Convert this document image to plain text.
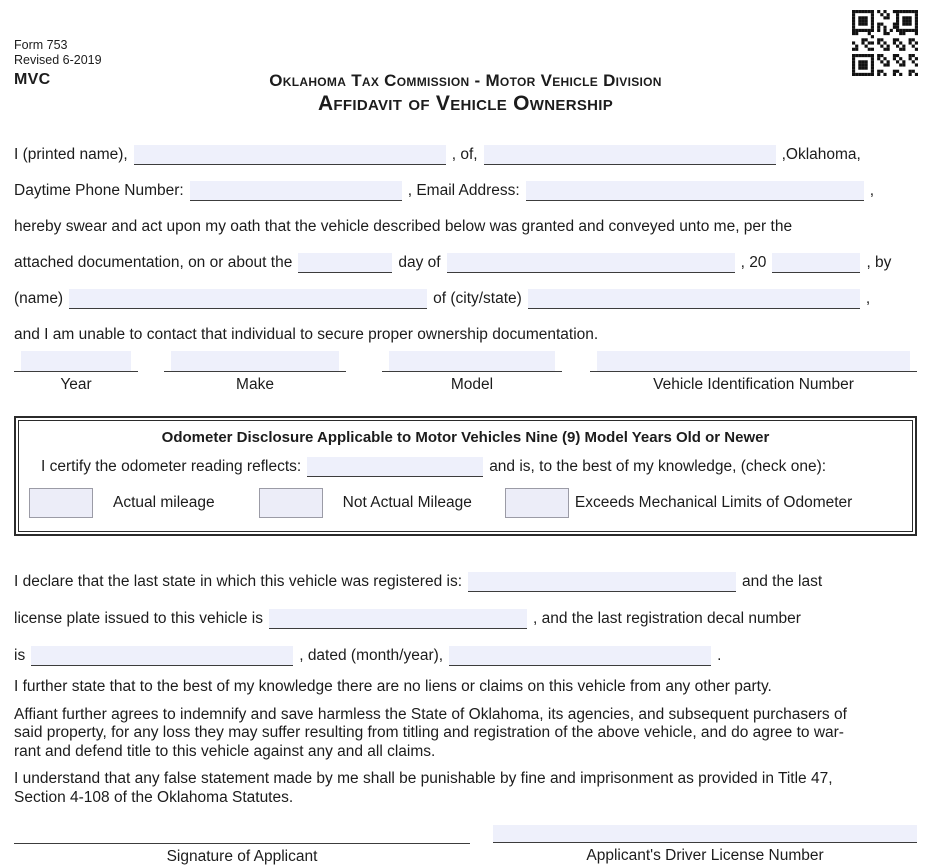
Form 753
Revised 6-2019
MVC	Oklahoma Tax Commission - Motor Vehicle Division
Affidavit of Vehicle Ownership
I (printed name),	, of,	,Oklahoma,
Daytime Phone Number:	, Email Address:	,
hereby swear and act upon my oath that the vehicle described below was granted and conveyed unto me, per the
attached documentation, on or about the	day of	, 20	, by
(name)	of (city/state)	,
and I am unable to contact that individual to secure proper ownership documentation.
Year	Make	Model	Vehicle Identification Number
Odometer Disclosure Applicable to Motor Vehicles Nine (9) Model Years Old or Newer
I certify the odometer reading reflects:	and is, to the best of my knowledge, (check one):
Actual mileage	Not Actual Mileage	Exceeds Mechanical Limits of Odometer
I declare that the last state in which this vehicle was registered is:	and the last
license plate issued to this vehicle is	, and the last registration decal number
is	, dated (month/year),	.
I further state that to the best of my knowledge there are no liens or claims on this vehicle from any other party.
Affiant further agrees to indemnify and save harmless the State of Oklahoma, its agencies, and subsequent purchasers of
said property, for any loss they may suffer resulting from titling and registration of the above vehicle, and do agree to war-
rant and defend title to this vehicle against any and all claims.
I understand that any false statement made by me shall be punishable by fine and imprisonment as provided in Title 47,
Section 4-108 of the Oklahoma Statutes.
Signature of Applicant	Applicant's Driver License Number
